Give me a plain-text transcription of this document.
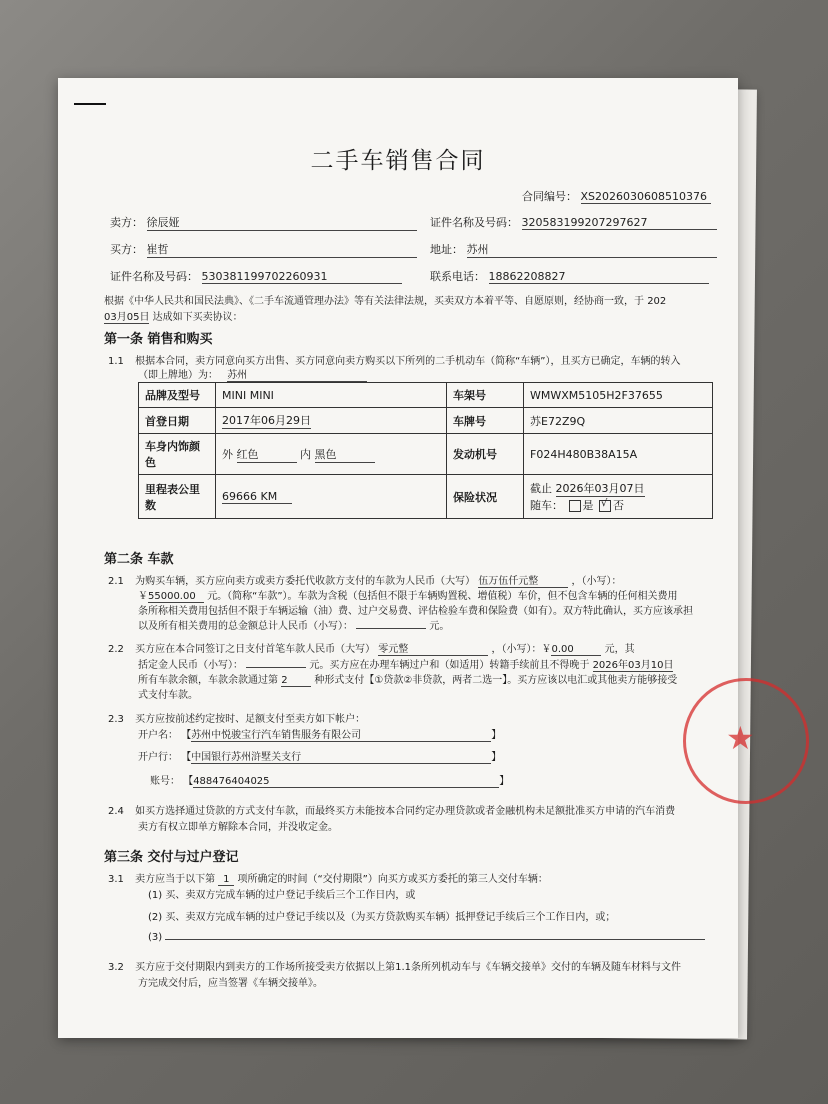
二手车销售合同
合同编号： XS2026030608510376
卖方： 徐辰娅	证件名称及号码： 320583199207297627
买方： 崔哲	地址： 苏州
证件名称及号码： 530381199702260931	联系电话： 18862208827
根据《中华人民共和国民法典》、《二手车流通管理办法》等有关法律法规，买卖双方本着平等、自愿原则，经协商一致，于 202
03月05日 达成如下买卖协议：
第一条 销售和购买
1.1 根据本合同，卖方同意向买方出售、买方同意向卖方购买以下所列的二手机动车（简称“车辆”），且买方已确定，车辆的转入
（即上牌地）为： 苏州
品牌及型号	MINI MINI	车架号	WMWXM5105H2F37655
首登日期	2017年06月29日	车牌号	苏E72Z9Q
车身内饰颜色	外 红色 内 黑色	发动机号	F024H480B38A15A
里程表公里数	69666 KM	保险状况	截止 2026年03月07日
随车： 是 √ 否
第二条 车款
2.1 为购买车辆，买方应向卖方或卖方委托代收款方支付的车款为人民币（大写） 伍万伍仟元整	，（小写）：
￥55000.00 元。（简称“车款”）。车款为含税（包括但不限于车辆购置税、增值税）车价，但不包含车辆的任何相关费用
条所称相关费用包括但不限于车辆运输（油）费、过户交易费、评估检验车费和保险费（如有）。双方特此确认，买方应该承担
以及所有相关费用的总金额总计人民币（小写）：	元。
2.2 买方应在本合同签订之日支付首笔车款人民币（大写） 零元整	，（小写）：￥0.00	元，其
括定金人民币（小写）：	元。买方应在办理车辆过户和（如适用）转籍手续前且不得晚于 2026年03月10日
所有车款余额，车款余款通过第 2	种形式支付【①贷款②非贷款，两者二选一】。买方应该以电汇或其他卖方能够接受
式支付车款。
2.3 买方应按前述约定按时、足额支付至卖方如下帐户：
开户名： 【苏州中悦骏宝行汽车销售服务有限公司	】
开户行： 【中国银行苏州浒墅关支行	】
账号： 【488476404025	】
2.4 如买方选择通过贷款的方式支付车款，而最终买方未能按本合同约定办理贷款或者金融机构未足额批准买方申请的汽车消费
卖方有权立即单方解除本合同，并没收定金。
第三条 交付与过户登记
3.1 卖方应当于以下第 1 项所确定的时间（“交付期限”）向买方或买方委托的第三人交付车辆：
(1) 买、卖双方完成车辆的过户登记手续后三个工作日内，或
(2) 买、卖双方完成车辆的过户登记手续以及（为买方贷款购买车辆）抵押登记手续后三个工作日内，或；
(3)
3.2 买方应于交付期限内到卖方的工作场所接受卖方依据以上第1.1条所列机动车与《车辆交接单》交付的车辆及随车材料与文件
方完成交付后，应当签署《车辆交接单》。
★
